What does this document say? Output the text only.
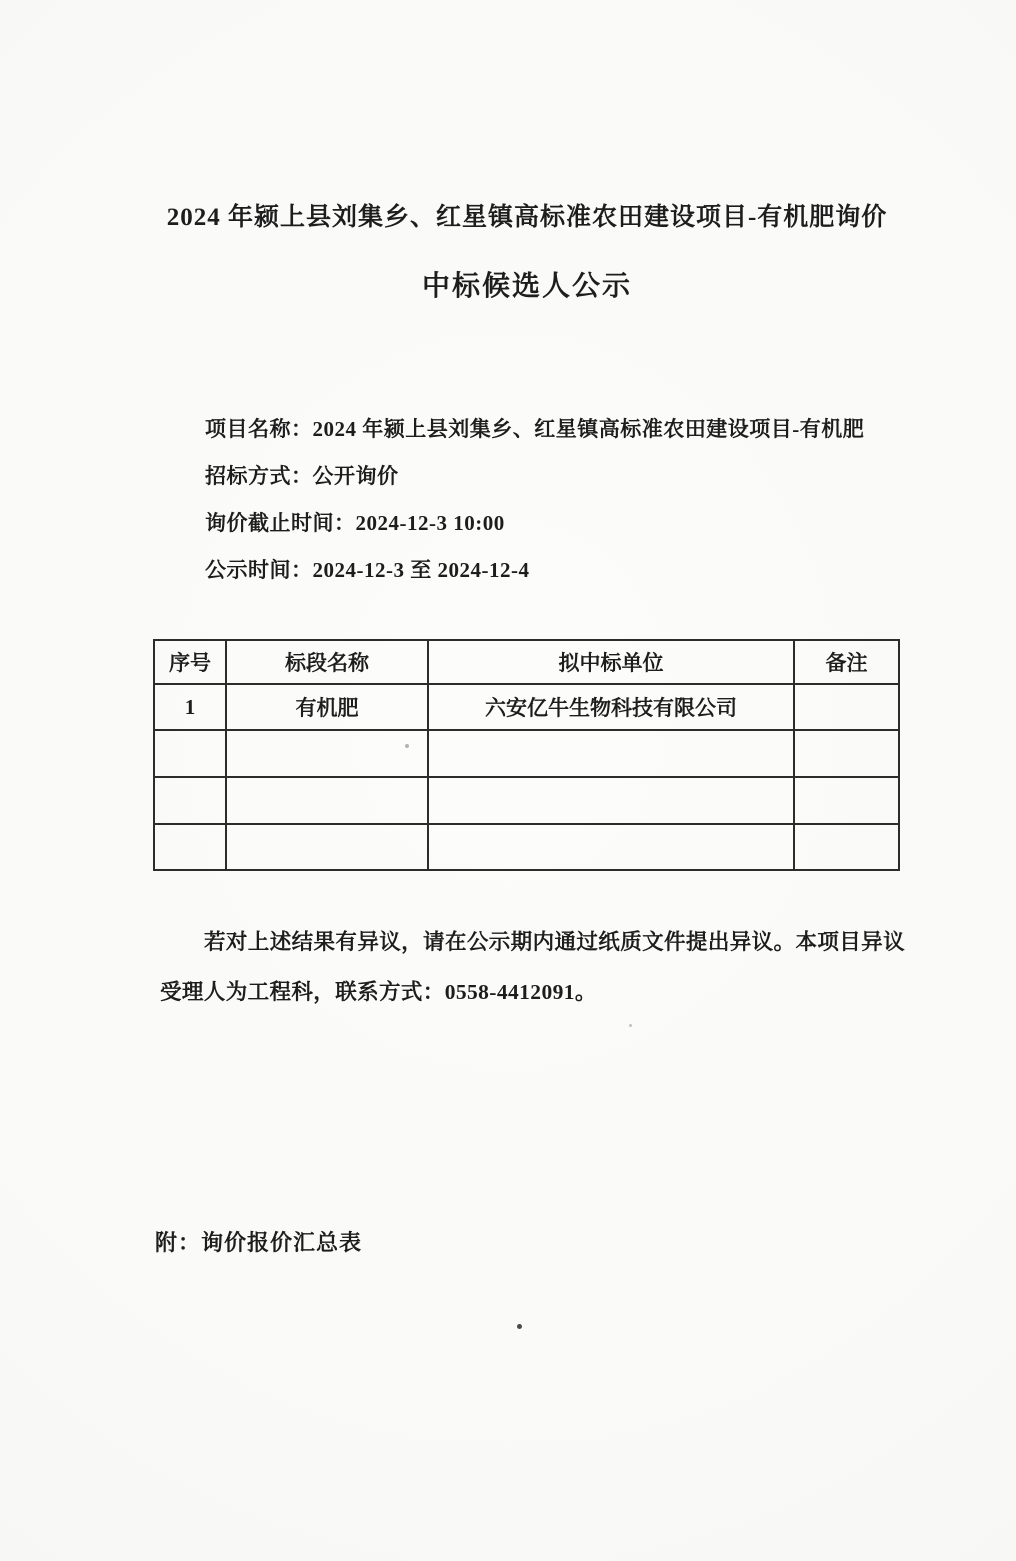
2024 年颍上县刘集乡、红星镇高标准农田建设项目-有机肥询价
中标候选人公示
项目名称：2024 年颍上县刘集乡、红星镇高标准农田建设项目-有机肥
招标方式：公开询价
询价截止时间：2024-12-3 10:00
公示时间：2024-12-3 至 2024-12-4
序号	标段名称	拟中标单位	备注
1	有机肥	六安亿牛生物科技有限公司	

若对上述结果有异议，请在公示期内通过纸质文件提出异议。本项目异议受理人为工程科，联系方式：0558-4412091。
附：询价报价汇总表
